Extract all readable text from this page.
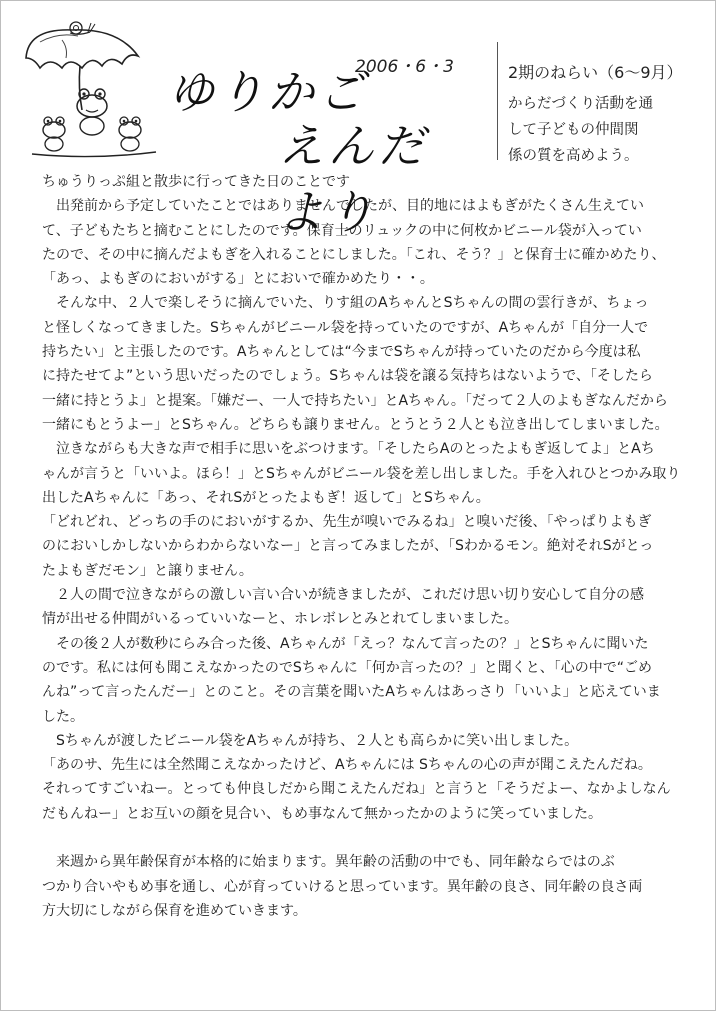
ゆりかご
えんだより
2006・6・3	2期のねらい（6〜9月）
からだづくり活動を通
して子どもの仲間関
係の質を高めよう。
ちゅうりっぷ組と散歩に行ってきた日のことです
　出発前から予定していたことではありませんでしたが、目的地にはよもぎがたくさん生えてい
て、子どもたちと摘むことにしたのです。保育士のリュックの中に何枚かビニール袋が入ってい
たので、その中に摘んだよもぎを入れることにしました。「これ、そう？」と保育士に確かめたり、
「あっ、よもぎのにおいがする」とにおいで確かめたり・・。
　そんな中、２人で楽しそうに摘んでいた、りす組のAちゃんとSちゃんの間の雲行きが、ちょっ
と怪しくなってきました。Sちゃんがビニール袋を持っていたのですが、Aちゃんが「自分一人で
持ちたい」と主張したのです。Aちゃんとしては“今までSちゃんが持っていたのだから今度は私
に持たせてよ”という思いだったのでしょう。Sちゃんは袋を譲る気持ちはないようで、「そしたら
一緒に持とうよ」と提案。「嫌だー、一人で持ちたい」とAちゃん。「だって２人のよもぎなんだから
一緒にもとうよー」とSちゃん。どちらも譲りません。とうとう２人とも泣き出してしまいました。
　泣きながらも大きな声で相手に思いをぶつけます。「そしたらAのとったよもぎ返してよ」とAち
ゃんが言うと「いいよ。ほら！」とSちゃんがビニール袋を差し出しました。手を入れひとつかみ取り
出したAちゃんに「あっ、それSがとったよもぎ！返して」とSちゃん。
「どれどれ、どっちの手のにおいがするか、先生が嗅いでみるね」と嗅いだ後、「やっぱりよもぎ
のにおいしかしないからわからないなー」と言ってみましたが、「Sわかるモン。絶対それSがとっ
たよもぎだモン」と譲りません。
　２人の間で泣きながらの激しい言い合いが続きましたが、これだけ思い切り安心して自分の感
情が出せる仲間がいるっていいなーと、ホレボレとみとれてしまいました。
　その後２人が数秒にらみ合った後、Aちゃんが「えっ？なんて言ったの？」とSちゃんに聞いた
のです。私には何も聞こえなかったのでSちゃんに「何か言ったの？」と聞くと、「心の中で“ごめ
んね”って言ったんだー」とのこと。その言葉を聞いたAちゃんはあっさり「いいよ」と応えていま
した。
　Sちゃんが渡したビニール袋をAちゃんが持ち、２人とも高らかに笑い出しました。
「あのサ、先生には全然聞こえなかったけど、Aちゃんには Sちゃんの心の声が聞こえたんだね。
それってすごいねー。とっても仲良しだから聞こえたんだね」と言うと「そうだよー、なかよしなん
だもんねー」とお互いの顔を見合い、もめ事なんて無かったかのように笑っていました。

　来週から異年齢保育が本格的に始まります。異年齢の活動の中でも、同年齢ならではのぶ
つかり合いやもめ事を通し、心が育っていけると思っています。異年齢の良さ、同年齢の良さ両
方大切にしながら保育を進めていきます。
